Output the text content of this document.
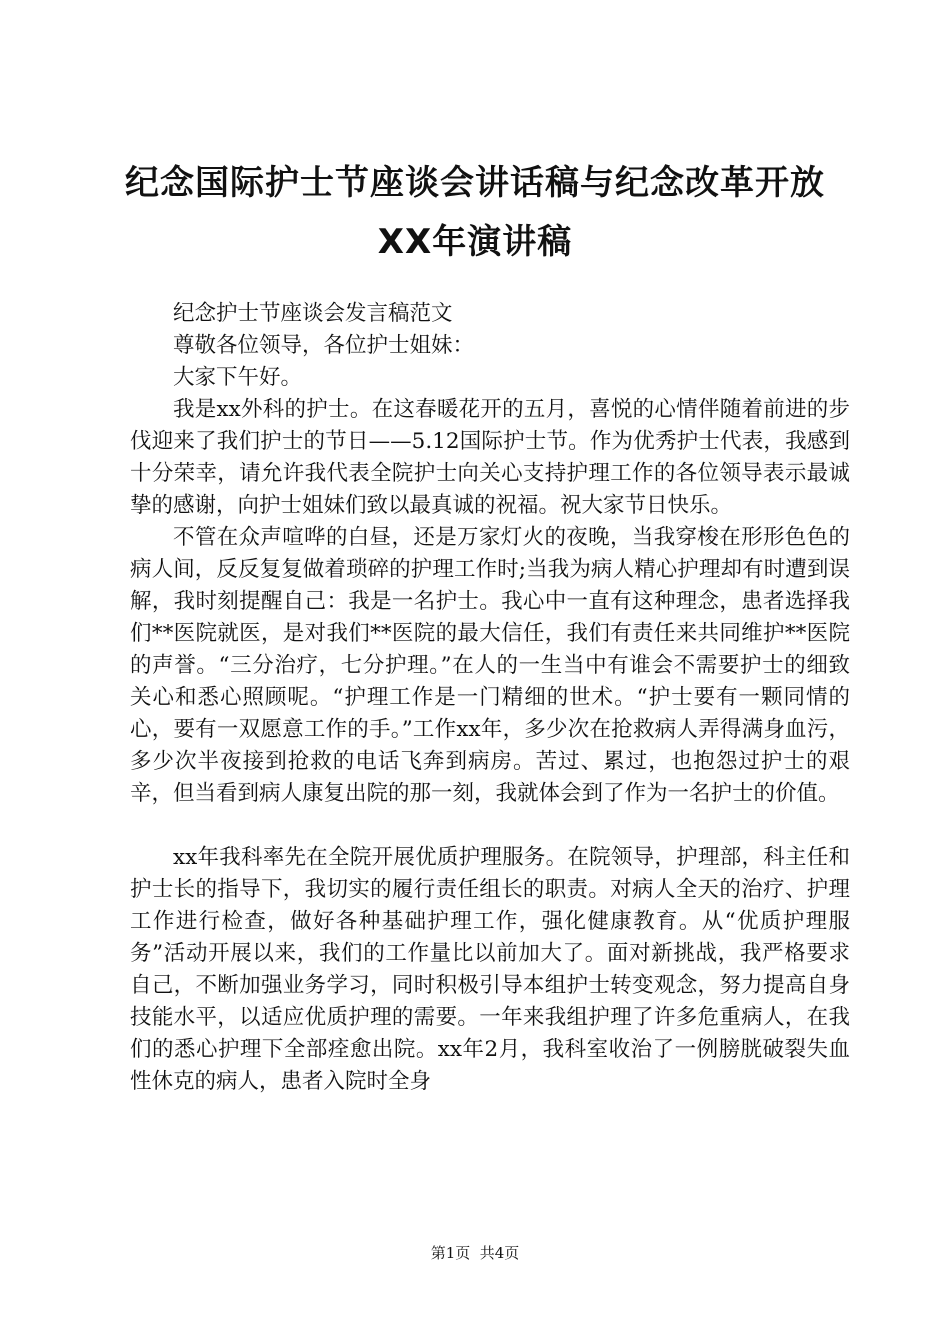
纪念国际护士节座谈会讲话稿与纪念改革开放
XX年演讲稿

纪念护士节座谈会发言稿范文

尊敬各位领导，各位护士姐妹：

大家下午好。

我是xx外科的护士。在这春暖花开的五月，喜悦的心情伴随着前进的步伐迎来了我们护士的节日——5.12国际护士节。作为优秀护士代表，我感到十分荣幸，请允许我代表全院护士向关心支持护理工作的各位领导表示最诚挚的感谢，向护士姐妹们致以最真诚的祝福。祝大家节日快乐。

不管在众声喧哗的白昼，还是万家灯火的夜晚，当我穿梭在形形色色的病人间，反反复复做着琐碎的护理工作时;当我为病人精心护理却有时遭到误解，我时刻提醒自己：我是一名护士。我心中一直有这种理念，患者选择我们**医院就医，是对我们**医院的最大信任，我们有责任来共同维护**医院的声誉。“三分治疗，七分护理。”在人的一生当中有谁会不需要护士的细致关心和悉心照顾呢。“护理工作是一门精细的世术。“护士要有一颗同情的心，要有一双愿意工作的手。”工作xx年，多少次在抢救病人弄得满身血污，多少次半夜接到抢救的电话飞奔到病房。苦过、累过，也抱怨过护士的艰辛，但当看到病人康复出院的那一刻，我就体会到了作为一名护士的价值。

xx年我科率先在全院开展优质护理服务。在院领导，护理部，科主任和护士长的指导下，我切实的履行责任组长的职责。对病人全天的治疗、护理工作进行检查，做好各种基础护理工作，强化健康教育。从“优质护理服务”活动开展以来，我们的工作量比以前加大了。面对新挑战，我严格要求自己，不断加强业务学习，同时积极引导本组护士转变观念，努力提高自身技能水平，以适应优质护理的需要。一年来我组护理了许多危重病人，在我们的悉心护理下全部痊愈出院。xx年2月，我科室收治了一例膀胱破裂失血性休克的病人，患者入院时全身

第1页  共4页
